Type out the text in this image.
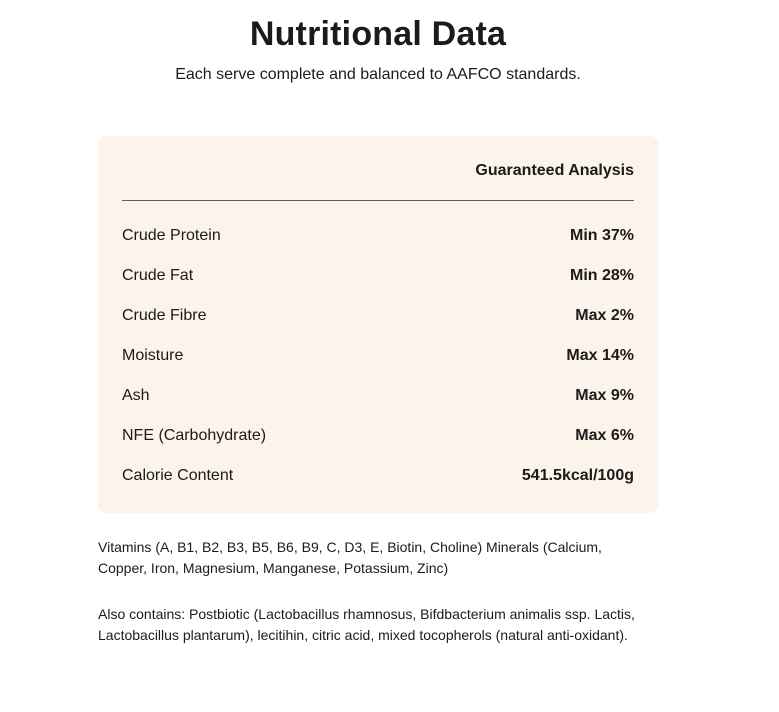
Nutritional Data

Each serve complete and balanced to AAFCO standards.

Guaranteed Analysis
Crude Protein	Min 37%
Crude Fat	Min 28%
Crude Fibre	Max 2%
Moisture	Max 14%
Ash	Max 9%
NFE (Carbohydrate)	Max 6%
Calorie Content	541.5kcal/100g

Vitamins (A, B1, B2, B3, B5, B6, B9, C, D3, E, Biotin, Choline) Minerals (Calcium, Copper, Iron, Magnesium, Manganese, Potassium, Zinc)

Also contains: Postbiotic (Lactobacillus rhamnosus, Bifdbacterium animalis ssp. Lactis, Lactobacillus plantarum), lecitihin, citric acid, mixed tocopherols (natural anti-oxidant).
